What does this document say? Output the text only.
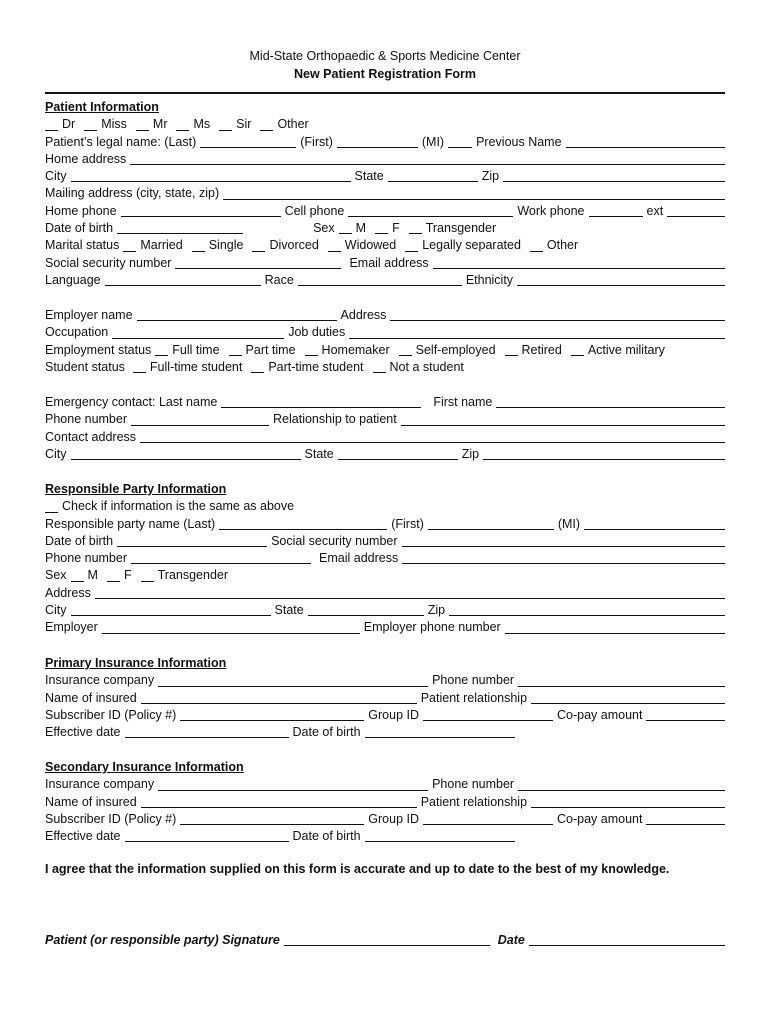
Mid-State Orthopaedic & Sports Medicine Center
New Patient Registration Form
Patient Information
Dr Miss Mr Ms Sir Other
Patient’s legal name: (Last)	(First)	(MI)	Previous Name
Home address
City	State	Zip
Mailing address (city, state, zip)
Home phone	Cell phone	Work phone	ext
Date of birth	Sex M F Transgender
Marital status Married Single Divorced Widowed Legally separated Other
Social security number	Email address
Language	Race	Ethnicity
Employer name	Address
Occupation	Job duties
Employment status Full time Part time Homemaker Self-employed Retired Active military
Student status Full-time student Part-time student Not a student
Emergency contact: Last name	First name
Phone number	Relationship to patient
Contact address
City	State	Zip
Responsible Party Information
Check if information is the same as above
Responsible party name (Last)	(First)	(MI)
Date of birth	Social security number
Phone number	Email address
Sex M F Transgender
Address
City	State	Zip
Employer	Employer phone number
Primary Insurance Information
Insurance company	Phone number
Name of insured	Patient relationship
Subscriber ID (Policy #)	Group ID	Co-pay amount
Effective date	Date of birth
Secondary Insurance Information
Insurance company	Phone number
Name of insured	Patient relationship
Subscriber ID (Policy #)	Group ID	Co-pay amount
Effective date	Date of birth
I agree that the information supplied on this form is accurate and up to date to the best of my knowledge.
Patient (or responsible party) Signature	Date
